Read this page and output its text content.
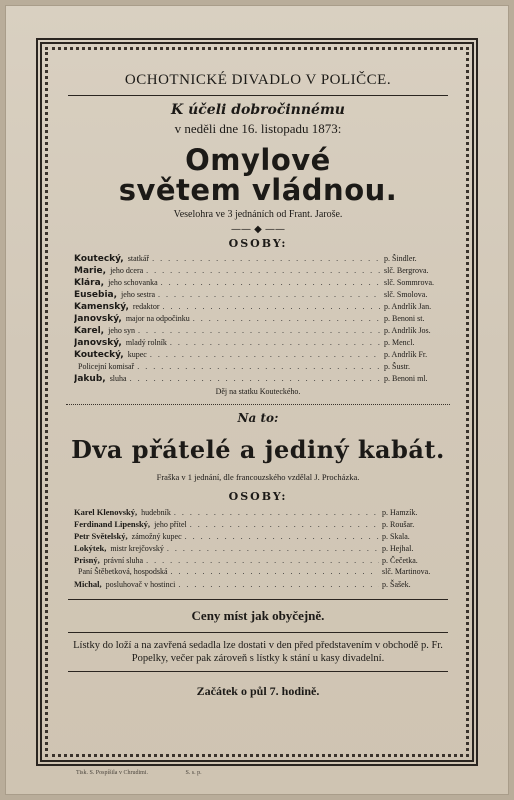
OCHOTNICKÉ DIVADLO V POLIČCE.
K účeli dobročinnému
v neděli dne 16. listopadu 1873:
Omylové
světem vládnou.
Veselohra ve 3 jednáních od Frant. Jaroše.
—— ◆ ——
OSOBY:
Koutecký, statkář . . .	p. Šindler.
Marie, jeho dcera . . .	slč. Bergrova.
Klára, jeho schovanka . . .	slč. Sommrova.
Eusebia, jeho sestra . . .	slč. Smolova.
Kamenský, redaktor . . .	p. Andrlík Jan.
Janovský, major na odpočinku . . .	p. Benoni st.
Karel, jeho syn . . .	p. Andrlík Jos.
Janovský, mladý rolník . . .	p. Mencl.
Koutecký, kupec . . .	p. Andrlík Fr.
Policejní komisař . . .	p. Šustr.
Jakub, sluha . . .	p. Benoni ml.
Děj na statku Kouteckého.
Na to:
Dva přátelé a jediný kabát.
Fraška v 1 jednání, dle francouzského vzdělal J. Procházka.
OSOBY:
Karel Klenovský, hudebník . . .	p. Hamzík.
Ferdinand Lipenský, jeho přítel . . .	p. Roušar.
Petr Světelský, zámožný kupec . . .	p. Skala.
Lokýtek, mistr krejčovský . . .	p. Hejhal.
Prisný, právní sluha . . .	p. Čečetka.
Paní Štěbetková, hospodská . . .	slč. Martinova.
Michal, posluhovač v hostinci . . .	p. Šašek.
Ceny míst jak obyčejně.
Lístky do loží a na zavřená sedadla lze dostati v den před představením v obchodě p. Fr. Popelky, večer pak zároveň s lístky k stání u kasy divadelní.
Začátek o půl 7. hodině.
Tisk. S. Pospíšila v Chrudimi.	S. s. p.
